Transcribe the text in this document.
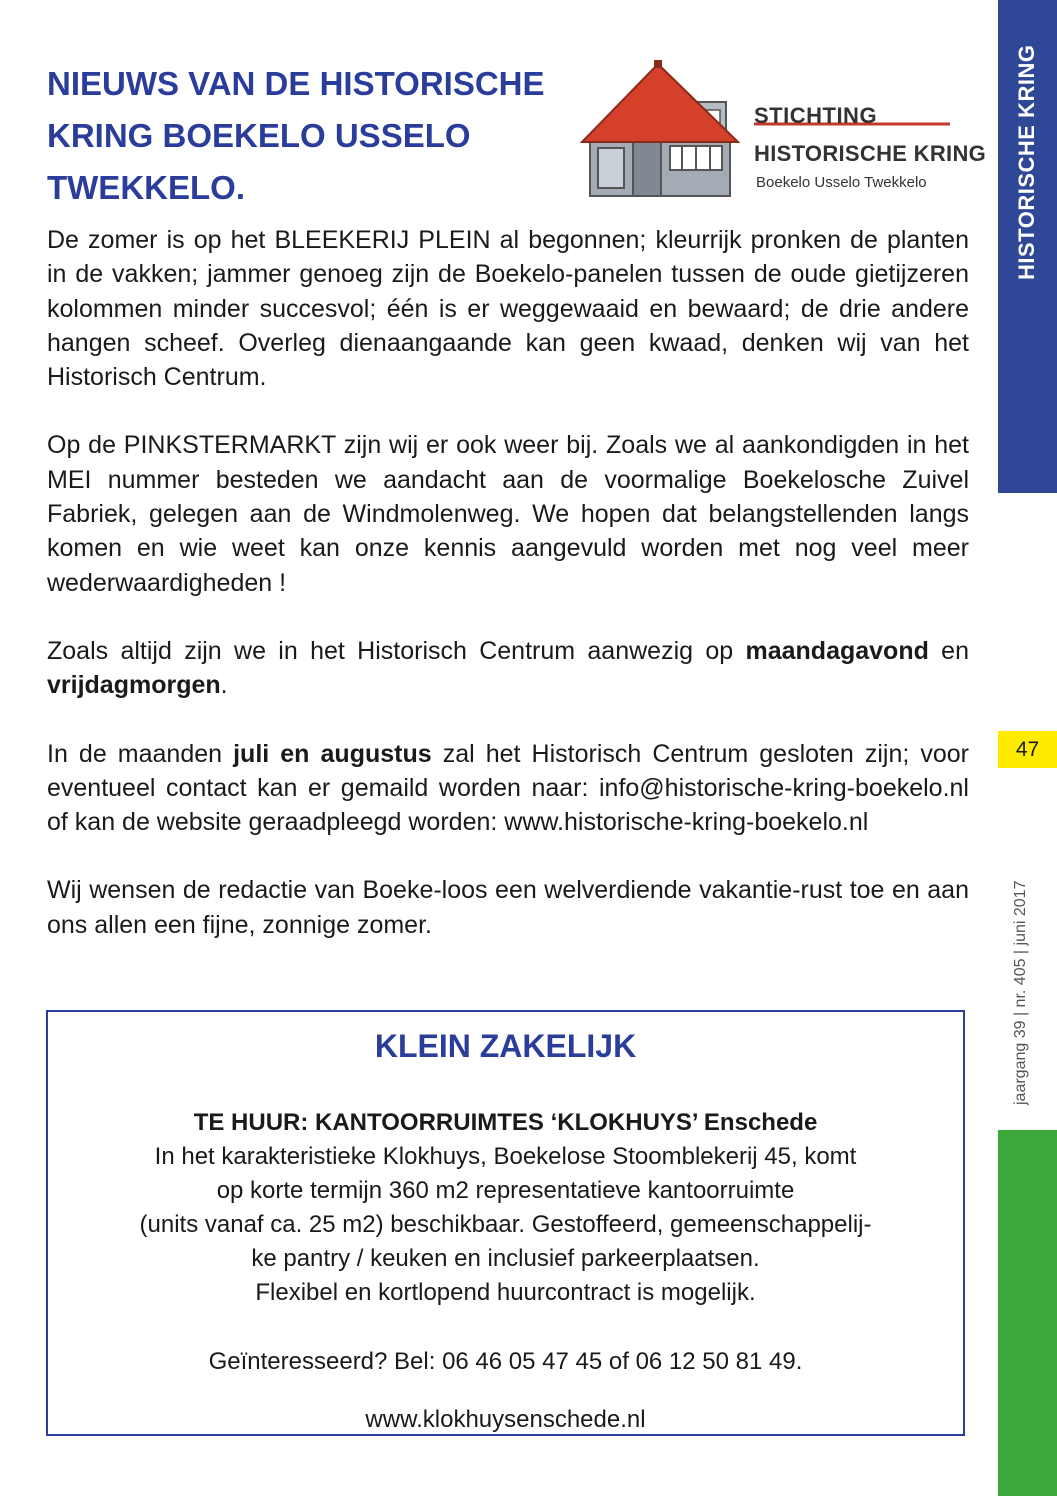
NIEUWS VAN DE HISTORISCHE
KRING BOEKELO USSELO
TWEKKELO.
STICHTING
HISTORISCHE KRING
Boekelo Usselo Twekkelo

De zomer is op het BLEEKERIJ PLEIN al begonnen; kleurrijk pronken de planten in de vakken; jammer genoeg zijn de Boekelo-panelen tussen de oude gietijzeren kolommen minder succesvol; één is er weggewaaid en bewaard; de drie andere hangen scheef. Overleg dienaangaande kan geen kwaad, denken wij van het Historisch Centrum.

Op de PINKSTERMARKT zijn wij er ook weer bij. Zoals we al aankondigden in het MEI nummer besteden we aandacht aan de voormalige Boekelosche Zuivel Fabriek, gelegen aan de Windmolenweg. We hopen dat belangstellenden langs komen en wie weet kan onze kennis aangevuld worden met nog veel meer wederwaardigheden !

Zoals altijd zijn we in het Historisch Centrum aanwezig op maandagavond en vrijdagmorgen.

In de maanden juli en augustus zal het Historisch Centrum gesloten zijn; voor eventueel contact kan er gemaild worden naar: info@historische-kring-boekelo.nl of kan de website geraadpleegd worden: www.historische-kring-boekelo.nl

Wij wensen de redactie van Boeke-loos een welverdiende vakantie-rust toe en aan ons allen een fijne, zonnige zomer.

HISTORISCHE KRING
47
jaargang 39 | nr. 405 | juni 2017
KLEIN ZAKELIJK

TE HUUR: KANTOORRUIMTES ‘KLOKHUYS’ Enschede

In het karakteristieke Klokhuys, Boekelose Stoomblekerij 45, komt

op korte termijn 360 m2 representatieve kantoorruimte

(units vanaf ca. 25 m2) beschikbaar. Gestoffeerd, gemeenschappelij-

ke pantry / keuken en inclusief parkeerplaatsen.

Flexibel en kortlopend huurcontract is mogelijk.

Geïnteresseerd? Bel: 06 46 05 47 45 of 06 12 50 81 49.

www.klokhuysenschede.nl
